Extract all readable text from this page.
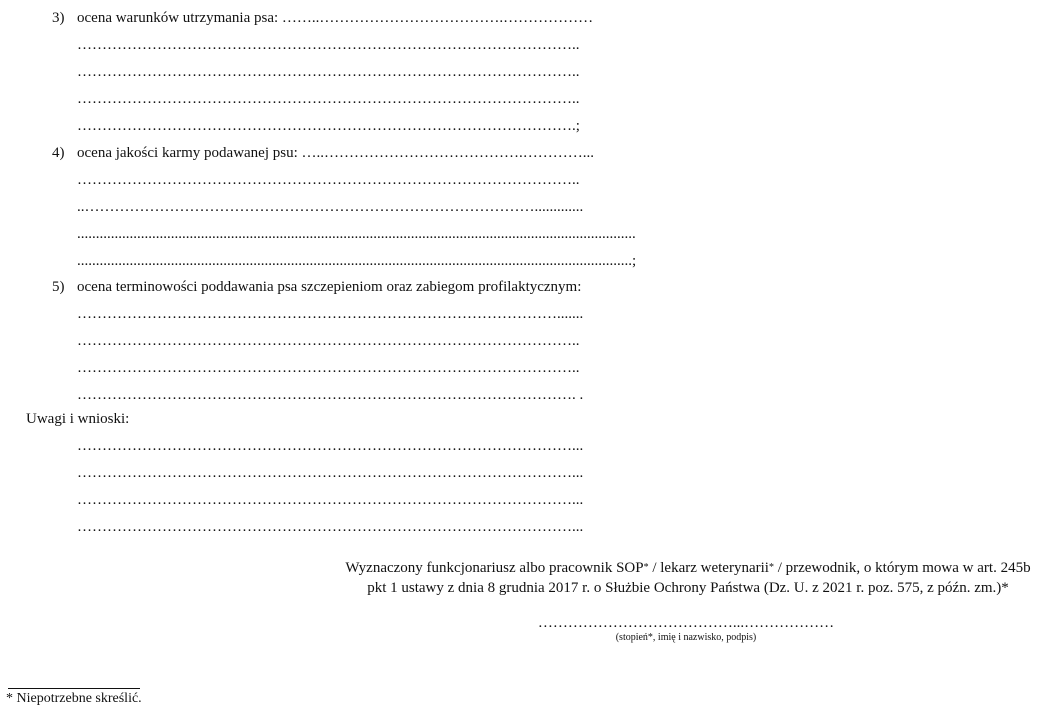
3) ocena warunków utrzymania psa: ……..……………………………….………………
………………………………………………………………………………………..
………………………………………………………………………………………..
………………………………………………………………………………………..
……………………………………………………………………………………….;
4) ocena jakości karmy podawanej psu: …..………………………………….…………...
………………………………………………………………………………………..
..……………………………………………………………………………….............
.....................................................................................................................................................
....................................................................................................................................................;
5) ocena terminowości poddawania psa szczepieniom oraz zabiegom profilaktycznym:
…………………………………………………………………………………….......
………………………………………………………………………………………..
………………………………………………………………………………………..
………………………………………………………………………………………. .
Uwagi i wnioski:
………………………………………………………………………………………...
………………………………………………………………………………………...
………………………………………………………………………………………...
………………………………………………………………………………………...
Wyznaczony funkcjonariusz albo pracownik SOP* / lekarz weterynarii* / przewodnik, o którym mowa w art. 245b
pkt 1 ustawy z dnia 8 grudnia 2017 r. o Służbie Ochrony Państwa (Dz. U. z 2021 r. poz. 575, z późn. zm.)*
…………………………………...………………
(stopień*, imię i nazwisko, podpis)
* Niepotrzebne skreślić.
